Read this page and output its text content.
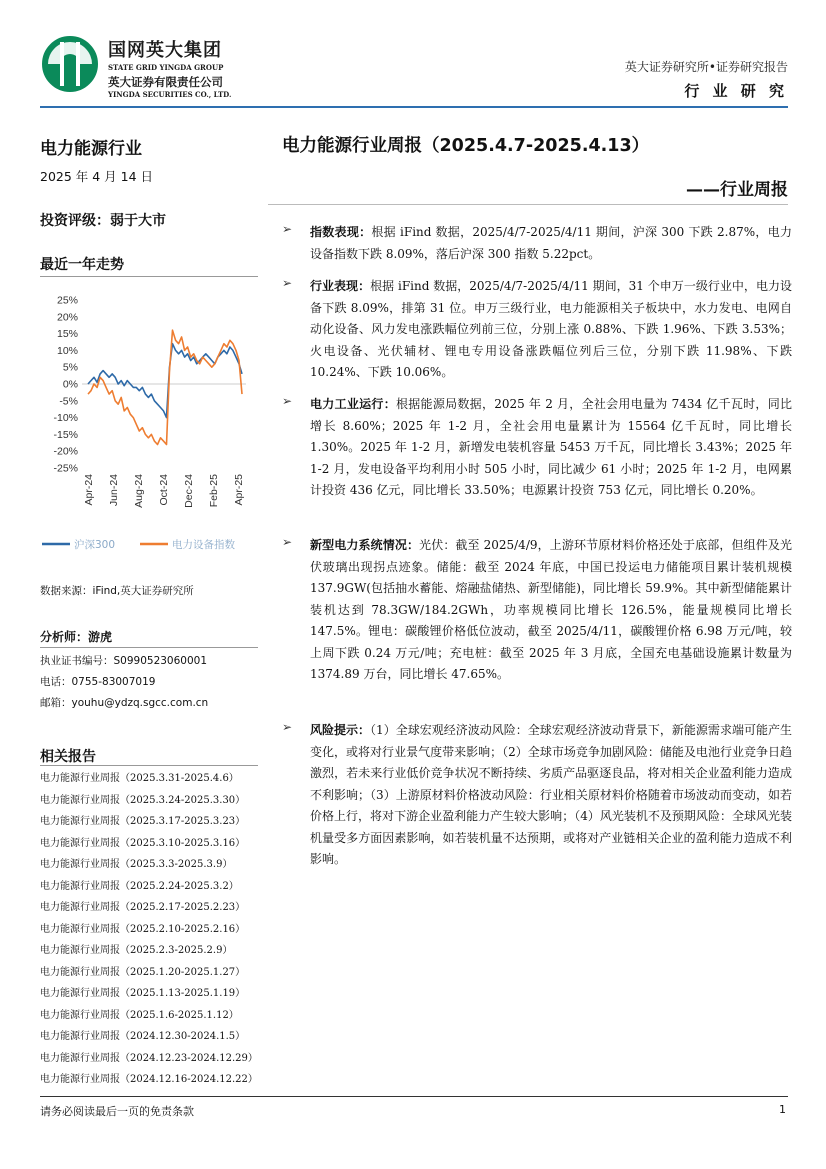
国网英大集团
STATE GRID YINGDA GROUP
英大证券有限责任公司
YINGDA SECURITIES CO., LTD.
英大证券研究所•证券研究报告
行 业 研 究
电力能源行业
2025 年 4 月 14 日
投资评级：弱于大市
最近一年走势
25%
20%
15%
10%
5%
0%
-5%
-10%
-15%
-20%
-25%
Apr-24 Jun-24 Aug-24 Oct-24 Dec-24 Feb-25 Apr-25
沪深300	电力设备指数
数据来源：iFind,英大证券研究所
分析师：游虎
执业证书编号：S0990523060001
电话：0755-83007019
邮箱：youhu@ydzq.sgcc.com.cn
相关报告
电力能源行业周报（2025.3.31-2025.4.6）
电力能源行业周报（2025.3.24-2025.3.30）
电力能源行业周报（2025.3.17-2025.3.23）
电力能源行业周报（2025.3.10-2025.3.16）
电力能源行业周报（2025.3.3-2025.3.9）
电力能源行业周报（2025.2.24-2025.3.2）
电力能源行业周报（2025.2.17-2025.2.23）
电力能源行业周报（2025.2.10-2025.2.16）
电力能源行业周报（2025.2.3-2025.2.9）
电力能源行业周报（2025.1.20-2025.1.27）
电力能源行业周报（2025.1.13-2025.1.19）
电力能源行业周报（2025.1.6-2025.1.12）
电力能源行业周报（2024.12.30-2024.1.5）
电力能源行业周报（2024.12.23-2024.12.29）
电力能源行业周报（2024.12.16-2024.12.22）
电力能源行业周报（2025.4.7-2025.4.13）
——行业周报
➢ 指数表现：根据 iFind 数据，2025/4/7-2025/4/11 期间，沪深 300 下跌 2.87%，电力设备指数下跌 8.09%，落后沪深 300 指数 5.22pct。

➢ 行业表现：根据 iFind 数据，2025/4/7-2025/4/11 期间，31 个申万一级行业中，电力设备下跌 8.09%，排第 31 位。申万三级行业，电力能源相关子板块中，水力发电、电网自动化设备、风力发电涨跌幅位列前三位，分别上涨 0.88%、下跌 1.96%、下跌 3.53%；火电设备、光伏辅材、锂电专用设备涨跌幅位列后三位，分别下跌 11.98%、下跌 10.24%、下跌 10.06%。

➢ 电力工业运行：根据能源局数据，2025 年 2 月，全社会用电量为 7434 亿千瓦时，同比增长 8.60%；2025 年 1-2 月，全社会用电量累计为 15564 亿千瓦时，同比增长 1.30%。2025 年 1-2 月，新增发电装机容量 5453 万千瓦，同比增长 3.43%；2025 年 1-2 月，发电设备平均利用小时 505 小时，同比减少 61 小时；2025 年 1-2 月，电网累计投资 436 亿元，同比增长 33.50%；电源累计投资 753 亿元，同比增长 0.20%。

➢ 新型电力系统情况：光伏：截至 2025/4/9，上游环节原材料价格还处于底部，但组件及光伏玻璃出现拐点迹象。储能：截至 2024 年底，中国已投运电力储能项目累计装机规模 137.9GW(包括抽水蓄能、熔融盐储热、新型储能)，同比增长 59.9%。其中新型储能累计装机达到 78.3GW/184.2GWh，功率规模同比增长 126.5%，能量规模同比增长 147.5%。锂电：碳酸锂价格低位波动，截至 2025/4/11，碳酸锂价格 6.98 万元/吨，较上周下跌 0.24 万元/吨；充电桩：截至 2025 年 3 月底，全国充电基础设施累计数量为 1374.89 万台，同比增长 47.65%。

➢ 风险提示：（1）全球宏观经济波动风险：全球宏观经济波动背景下，新能源需求端可能产生变化，或将对行业景气度带来影响；（2）全球市场竞争加剧风险：储能及电池行业竞争日趋激烈，若未来行业低价竞争状况不断持续、劣质产品驱逐良品，将对相关企业盈利能力造成不利影响；（3）上游原材料价格波动风险：行业相关原材料价格随着市场波动而变动，如若价格上行，将对下游企业盈利能力产生较大影响；（4）风光装机不及预期风险：全球风光装机量受多方面因素影响，如若装机量不达预期，或将对产业链相关企业的盈利能力造成不利影响。

请务必阅读最后一页的免责条款	1
